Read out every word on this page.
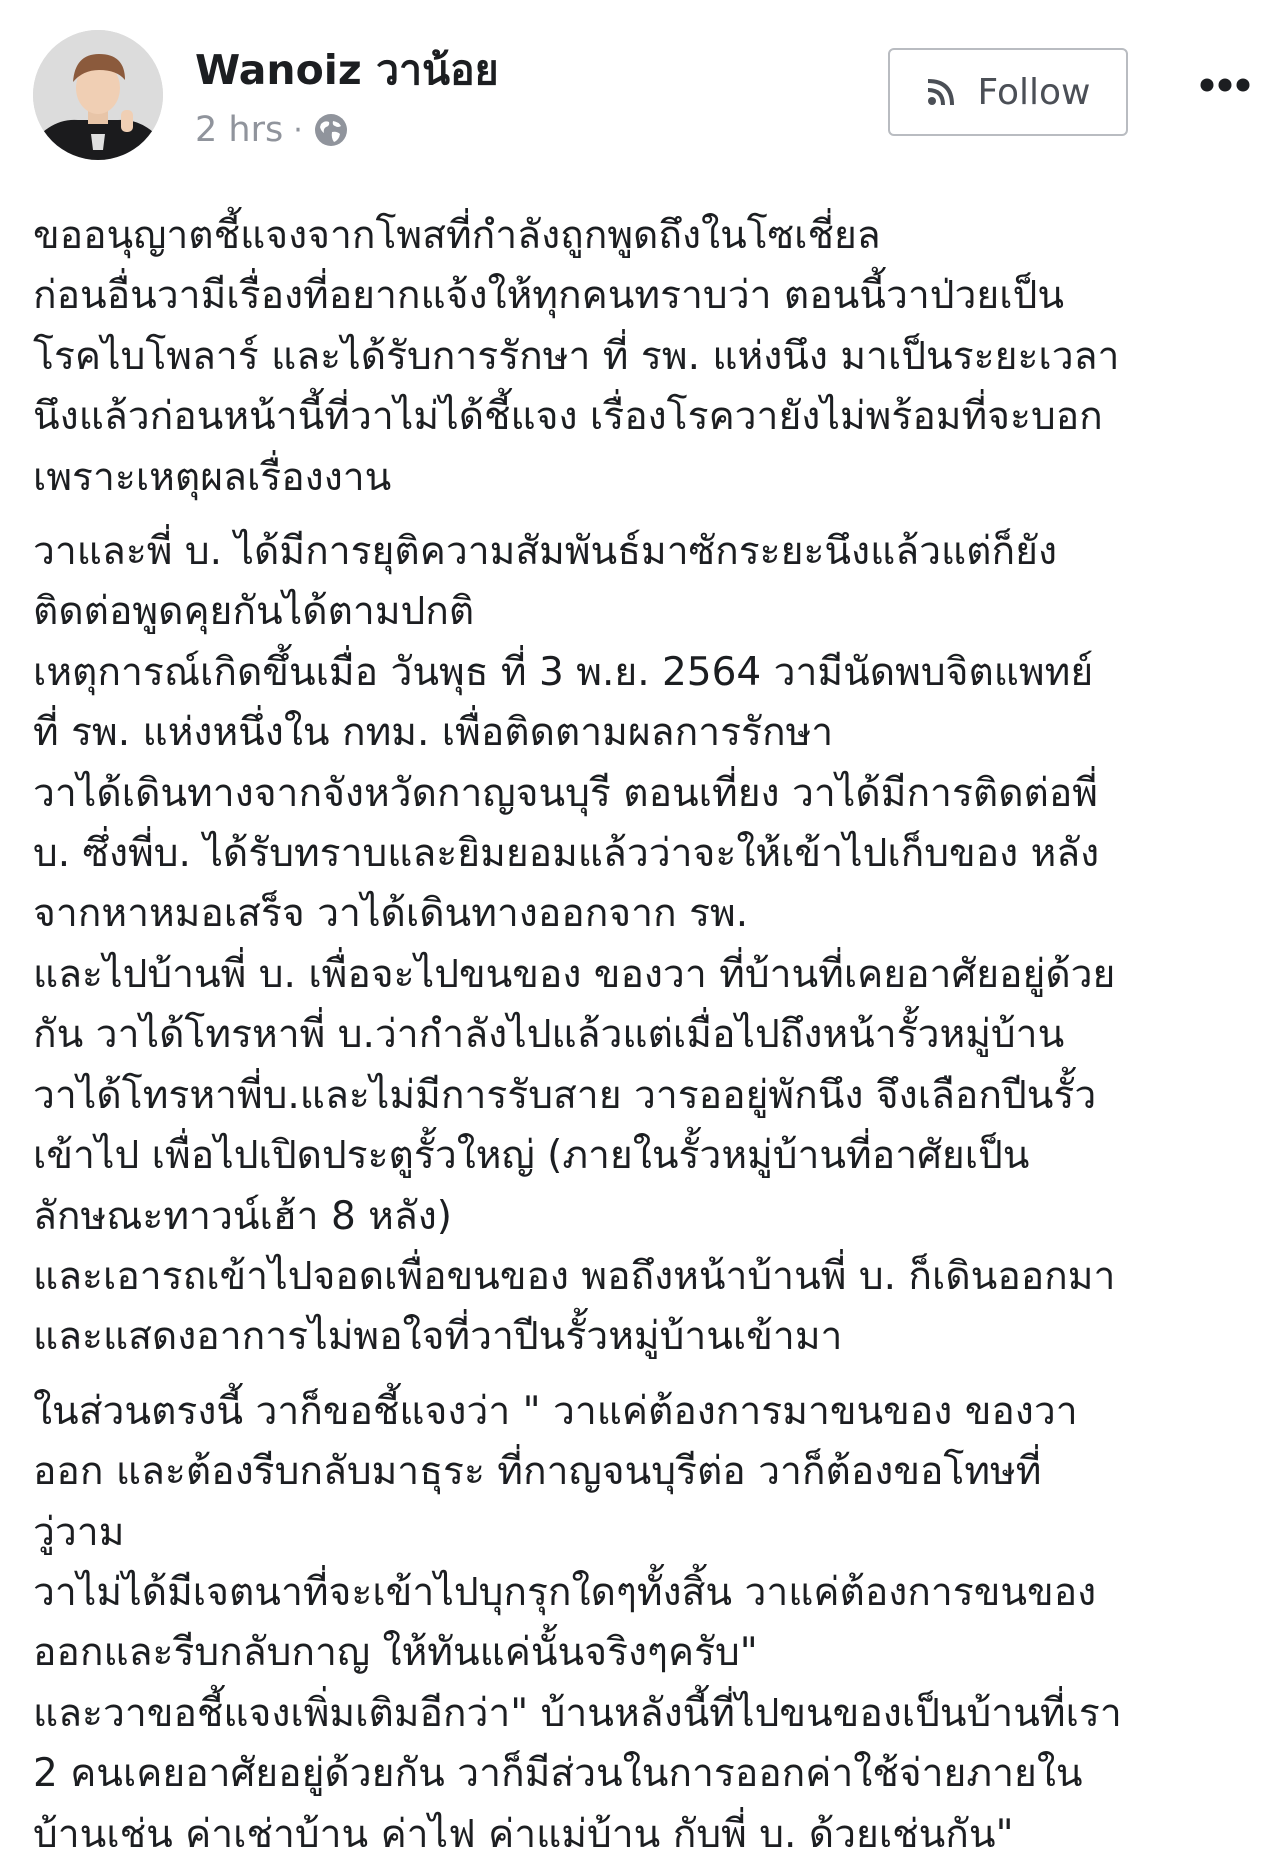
Wanoiz วาน้อย
2 hrs ·
Follow

ขออนุญาตชี้แจงจากโพสที่กำลังถูกพูดถึงในโซเชี่ยล
ก่อนอื่นวามีเรื่องที่อยากแจ้งให้ทุกคนทราบว่า ตอนนี้วาป่วยเป็น
โรคไบโพลาร์ และได้รับการรักษา ที่ รพ. แห่งนึง มาเป็นระยะเวลา
นึงแล้วก่อนหน้านี้ที่วาไม่ได้ชี้แจง เรื่องโรควายังไม่พร้อมที่จะบอก
เพราะเหตุผลเรื่องงาน

วาและพี่ บ. ได้มีการยุติความสัมพันธ์มาซักระยะนึงแล้วแต่ก็ยัง
ติดต่อพูดคุยกันได้ตามปกติ
เหตุการณ์เกิดขึ้นเมื่อ วันพุธ ที่ 3 พ.ย. 2564 วามีนัดพบจิตแพทย์
ที่ รพ. แห่งหนึ่งใน กทม. เพื่อติดตามผลการรักษา
วาได้เดินทางจากจังหวัดกาญจนบุรี ตอนเที่ยง วาได้มีการติดต่อพี่
บ. ซึ่งพี่บ. ได้รับทราบและยิมยอมแล้วว่าจะให้เข้าไปเก็บของ หลัง
จากหาหมอเสร็จ วาได้เดินทางออกจาก รพ.
และไปบ้านพี่ บ. เพื่อจะไปขนของ ของวา ที่บ้านที่เคยอาศัยอยู่ด้วย
กัน วาได้โทรหาพี่ บ.ว่ากำลังไปแล้วแต่เมื่อไปถึงหน้ารั้วหมู่บ้าน
วาได้โทรหาพี่บ.และไม่มีการรับสาย วารออยู่พักนึง จึงเลือกปีนรั้ว
เข้าไป เพื่อไปเปิดประตูรั้วใหญ่ (ภายในรั้วหมู่บ้านที่อาศัยเป็น
ลักษณะทาวน์เฮ้า 8 หลัง)
และเอารถเข้าไปจอดเพื่อขนของ พอถึงหน้าบ้านพี่ บ. ก็เดินออกมา
และแสดงอาการไม่พอใจที่วาปีนรั้วหมู่บ้านเข้ามา

ในส่วนตรงนี้ วาก็ขอชี้แจงว่า " วาแค่ต้องการมาขนของ ของวา
ออก และต้องรีบกลับมาธุระ ที่กาญจนบุรีต่อ วาก็ต้องขอโทษที่
วู่วาม
วาไม่ได้มีเจตนาที่จะเข้าไปบุกรุกใดๆทั้งสิ้น วาแค่ต้องการขนของ
ออกและรีบกลับกาญ ให้ทันแค่นั้นจริงๆครับ"
และวาขอชี้แจงเพิ่มเติมอีกว่า" บ้านหลังนี้ที่ไปขนของเป็นบ้านที่เรา
2 คนเคยอาศัยอยู่ด้วยกัน วาก็มีส่วนในการออกค่าใช้จ่ายภายใน
บ้านเช่น ค่าเช่าบ้าน ค่าไฟ ค่าแม่บ้าน กับพี่ บ. ด้วยเช่นกัน"
